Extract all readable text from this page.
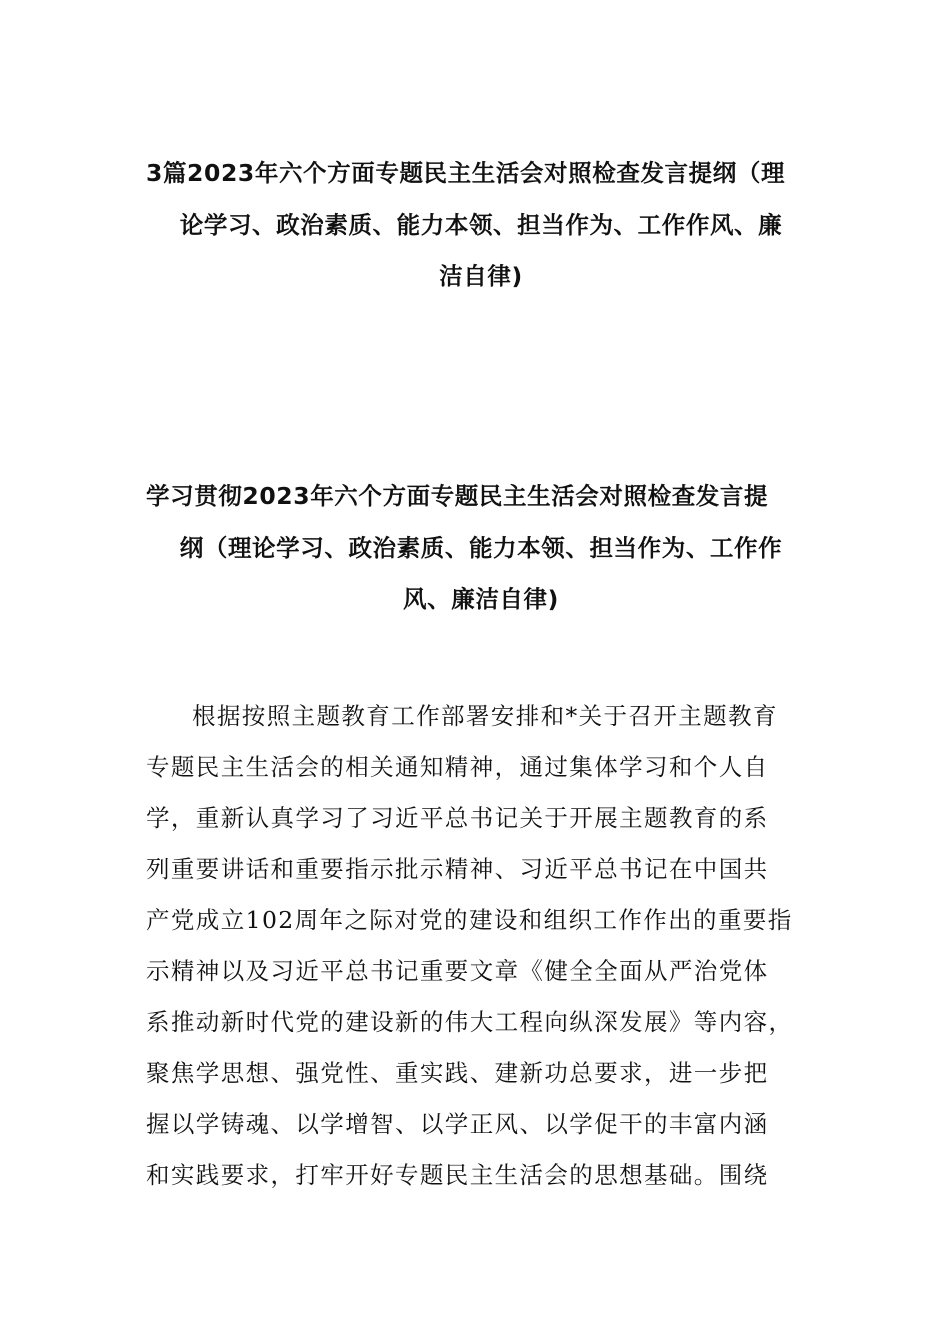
3篇2023年六个方面专题民主生活会对照检查发言提纲（理
论学习、政治素质、能力本领、担当作为、工作作风、廉
洁自律)
学习贯彻2023年六个方面专题民主生活会对照检查发言提
纲（理论学习、政治素质、能力本领、担当作为、工作作
风、廉洁自律)
根据按照主题教育工作部署安排和*关于召开主题教育
专题民主生活会的相关通知精神，通过集体学习和个人自
学，重新认真学习了习近平总书记关于开展主题教育的系
列重要讲话和重要指示批示精神、习近平总书记在中国共
产党成立102周年之际对党的建设和组织工作作出的重要指
示精神以及习近平总书记重要文章《健全全面从严治党体
系推动新时代党的建设新的伟大工程向纵深发展》等内容，
聚焦学思想、强党性、重实践、建新功总要求，进一步把
握以学铸魂、以学增智、以学正风、以学促干的丰富内涵
和实践要求，打牢开好专题民主生活会的思想基础。围绕
